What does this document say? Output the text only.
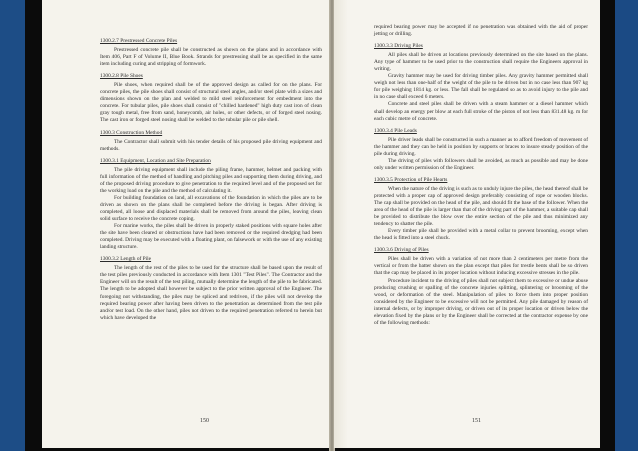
1300.2.7 Prestressed Concrete Piles
Prestressed concrete pile shall be constructed as shown on the plans and in accordance with Item 406, Part F of Volume II, Blue Book. Strands for prestressing shall be as specified in the same item including curing and stripping of formwork.
1300.2.8 Pile Shoes
Pile shoes, when required shall be of the approved design as called for on the plans. For concrete piles, the pile shoes shall consist of structural steel angles, and/or steel plate with a sizes and dimensions shown on the plan and welded to mild steel reinforcement for embedment into the concrete. For tubular piles, pile shoes shall consist of "chilled hardened" high duty cast iron of clean gray tough metal, free from sand, honeycomb, air holes, or other defects, or of forged steel nosing. The cast iron or forged steel nosing shall be welded to the tubular pile or pile shell.
1300.3 Construction Method
The Contractor shall submit with his tender details of his proposed pile driving equipment and methods.
1300.3.1 Equipment, Location and Site Preparation
The pile driving equipment shall include the piling frame, hammer, helmet and packing with full information of the method of handling and pitching piles and supporting them during driving, and of the proposed driving procedure to give penetration to the required level and of the proposed set for the working load on the pile and the method of calculating it.
For building foundation on land, all excavations of the foundation in which the piles are to be driven as shown on the plans shall be completed before the driving is began. After driving is completed, all loose and displaced materials shall be removed from around the piles, leaving clean solid surface to receive the concrete coping.
For marine works, the piles shall be driven in properly staked positions with square holes after the site have been cleared or obstructions have had been removed or the required dredging had been completed. Driving may be executed with a floating plant, on falsework or with the use of any existing landing structure.
1300.3.2 Length of Pile
The length of the rest of the piles to be used for the structure shall be based upon the result of the test piles previously conducted in accordance with Item 1301 "Test Piles". The Contractor and the Engineer will on the result of the test piling, mutually determine the length of the pile to be fabricated. The length to be adopted shall however be subject to the prior written approval of the Engineer. The foregoing not withstanding, the piles may be spliced and redriven, if the piles will not develop the required bearing power after having been driven to the penetration as determined from the test pile and/or test load. On the other hand, piles not driven to the required penetration referred to herein but which have developed the
150
required bearing power may be accepted if no penetration was obtained with the aid of proper jetting or drilling.
1300.3.3 Driving Piles
All piles shall be driven at locations previously determined on the site based on the plans. Any type of hammer to be used prior to the construction shall require the Engineers approval in writing.
Gravity hammer may be used for driving timber piles. Any gravity hammer permitted shall weigh not less than one-half of the weight of the pile to be driven but in no case less than 907 kg for pile weighing 1814 kg. or less. The fall shall be regulated so as to avoid injury to the pile and in no case shall exceed 6 meters.
Concrete and steel piles shall be driven with a steam hammer or a diesel hammer which shall develop an energy per blow at each full stroke of the piston of not less than 831.48 kg. m for each cubic metre of concrete.
1300.3.4 Pile Leads
Pile driver leads shall be constructed in such a manner as to afford freedom of movement of the hammer and they can be held in position by supports or braces to insure steady position of the pile during driving.
The driving of piles with followers shall be avoided, as much as possible and may be done only under written permission of the Engineer.
1300.3.5 Protection of Pile Hearts
When the nature of the driving is such as to unduly injure the piles, the head thereof shall be protected with a proper cap of approved design preferably consisting of rope or wooden blocks. The cap shall be provided on the head of the pile, and should fit the base of the follower. When the area of the head of the pile is larger than that of the driving part of the hammer, a suitable cap shall be provided to distribute the blow over the entire section of the pile and thus minimized any tendency to shatter the pile.
Every timber pile shall be provided with a metal collar to prevent brooming, except when the head is fitted into a steel chuck.
1300.3.6 Driving of Piles
Piles shall be driven with a variation of not more than 2 centimeters per metre from the vertical or from the batter shown on the plan except that piles for trestle bents shall be so driven that the cap may be placed in its proper location without inducing excessive stresses in the pile.
Procedure incident to the driving of piles shall not subject them to excessive or undue abuse producing crushing or spalling of the concrete injuries splitting, splintering or brooming of the wood, or deformation of the steel. Manipulation of piles to force them into proper position considered by the Engineer to be excessive will not be permitted. Any pile damaged by reason of internal defects, or by improper driving, or driven out of its proper location or driven below the elevation fixed by the plans or by the Engineer shall be corrected at the contractor expense by one of the following methods:
151
